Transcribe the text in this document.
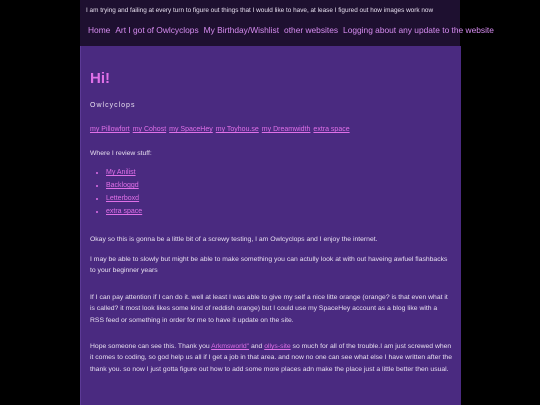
I am trying and failing at every turn to figure out things that I would like to have, at lease I figured out how images work now
Home Art I got of Owlcyclops My Birthday/Wishlist other websites Logging about any update to the website
Hi!
O w l c y c l o p s
my Pillowfort my Cohost my SpaceHey my Toyhou.se my Dreamwidth extra space
Where I review stuff:
• My Anilist
• Backloggd
• Letterboxd
• extra space
Okay so this is gonna be a little bit of a screwy testing, I am Owlcyclops and I enjoy the internet.
I may be able to slowly but might be able to make something you can actully look at with out haveing awfuel flashbacks to your beginner years
If I can pay attention if I can do it. well at least I was able to give my self a nice litte orange (orange? is that even what it is called? it most look likes some kind of reddish orange) but I could use my SpaceHey account as a blog like with a RSS feed or something in order for me to have it update on the site.
Hope someone can see this. Thank you Arkmsworld" and ollys-site so much for all of the trouble.I am just screwed when it comes to coding, so god help us all if I get a job in that area. and now no one can see what else I have written after the thank you. so now I just gotta figure out how to add some more places adn make the place just a little better then usual.
